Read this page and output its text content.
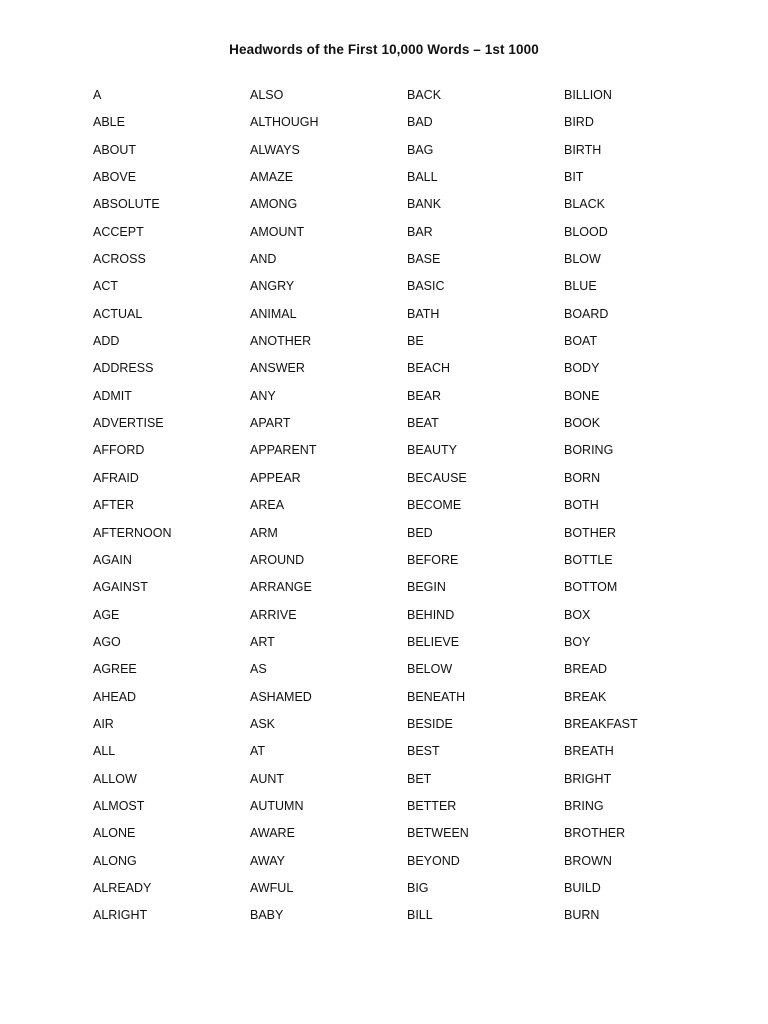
Headwords of the First 10,000 Words – 1st 1000
A
ABLE
ABOUT
ABOVE
ABSOLUTE
ACCEPT
ACROSS
ACT
ACTUAL
ADD
ADDRESS
ADMIT
ADVERTISE
AFFORD
AFRAID
AFTER
AFTERNOON
AGAIN
AGAINST
AGE
AGO
AGREE
AHEAD
AIR
ALL
ALLOW
ALMOST
ALONE
ALONG
ALREADY
ALRIGHT
ALSO
ALTHOUGH
ALWAYS
AMAZE
AMONG
AMOUNT
AND
ANGRY
ANIMAL
ANOTHER
ANSWER
ANY
APART
APPARENT
APPEAR
AREA
ARM
AROUND
ARRANGE
ARRIVE
ART
AS
ASHAMED
ASK
AT
AUNT
AUTUMN
AWARE
AWAY
AWFUL
BABY
BACK
BAD
BAG
BALL
BANK
BAR
BASE
BASIC
BATH
BE
BEACH
BEAR
BEAT
BEAUTY
BECAUSE
BECOME
BED
BEFORE
BEGIN
BEHIND
BELIEVE
BELOW
BENEATH
BESIDE
BEST
BET
BETTER
BETWEEN
BEYOND
BIG
BILL
BILLION
BIRD
BIRTH
BIT
BLACK
BLOOD
BLOW
BLUE
BOARD
BOAT
BODY
BONE
BOOK
BORING
BORN
BOTH
BOTHER
BOTTLE
BOTTOM
BOX
BOY
BREAD
BREAK
BREAKFAST
BREATH
BRIGHT
BRING
BROTHER
BROWN
BUILD
BURN
